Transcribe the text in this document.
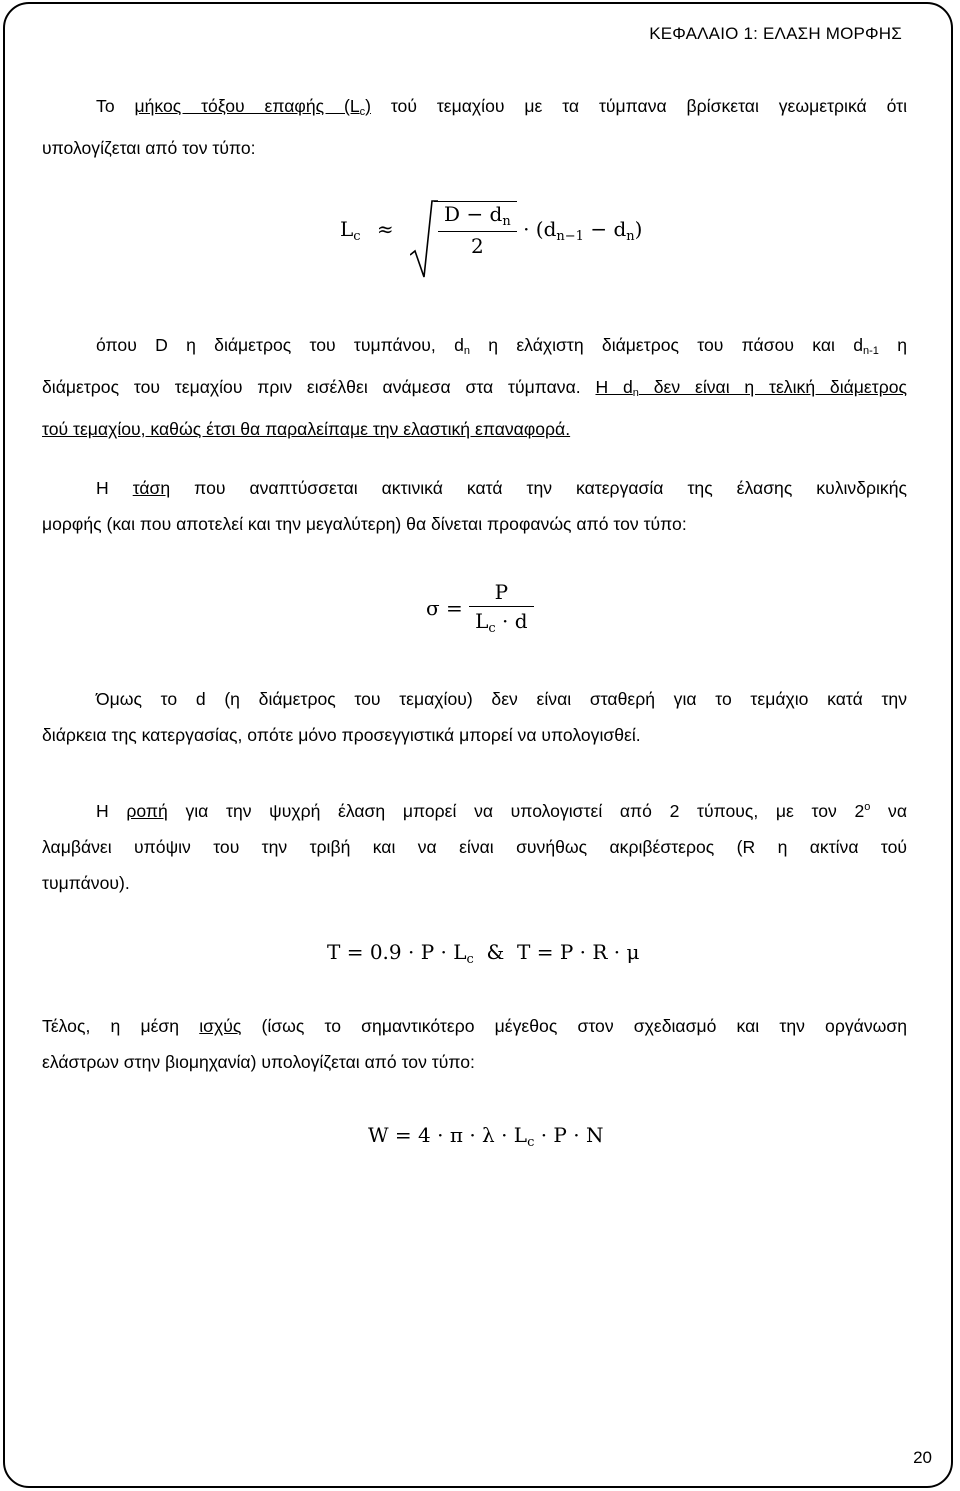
ΚΕΦΑΛΑΙΟ 1: ΕΛΑΣΗ ΜΟΡΦΗΣ
Το μήκος τόξου επαφής $(L_c)$ τού τεμαχίου με τα τύμπανα βρίσκεται γεωμετρικά ότι
υπολογίζεται από τον τύπο:
$L_c \approx \frac{D - d_n}{2} \cdot (d_{n-1} - d_n)$
όπου D η διάμετρος του τυμπάνου, $d_n$ η ελάχιστη διάμετρος του πάσου και $d_{n-1}$ η
διάμετρος του τεμαχίου πριν εισέλθει ανάμεσα στα τύμπανα. Η $d_n$ δεν είναι η τελική διάμετρος
τού τεμαχίου, καθώς έτσι θα παραλείπαμε την ελαστική επαναφορά.
Η τάση που αναπτύσσεται ακτινικά κατά την κατεργασία της έλασης κυλινδρικής
μορφής (και που αποτελεί και την μεγαλύτερη) θα δίνεται προφανώς από τον τύπο:
$\sigma = \frac{P}{L_c \cdot d}$
Όμως το d (η διάμετρος του τεμαχίου) δεν είναι σταθερή για το τεμάχιο κατά την
διάρκεια της κατεργασίας, οπότε μόνο προσεγγιστικά μπορεί να υπολογισθεί.
Η ροπή για την ψυχρή έλαση μπορεί να υπολογιστεί από 2 τύπους, με τον $2^o$ να
λαμβάνει υπόψιν του την τριβή και να είναι συνήθως ακριβέστερος (R η ακτίνα τού
τυμπάνου).
$T = 0.9 \cdot P \cdot L_c$  &  T = P · R · μ
Τέλος, η μέση ισχύς (ίσως το σημαντικότερο μέγεθος στον σχεδιασμό και την οργάνωση
ελάστρων στην βιομηχανία) υπολογίζεται από τον τύπο:
$W = 4 \cdot \pi \cdot \lambda \cdot L_c \cdot P \cdot N$
20
